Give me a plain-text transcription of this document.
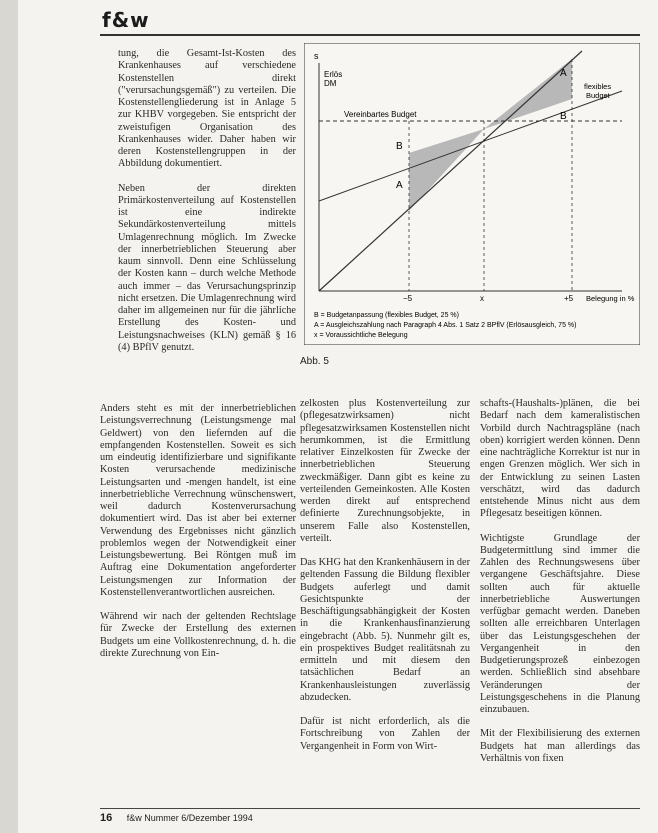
f&w

tung, die Gesamt-Ist-Kosten des Krankenhauses auf verschiedene Kostenstellen direkt ("verursachungsgemäß") zu verteilen. Die Kostenstellengliederung ist in Anlage 5 zur KHBV vorgegeben. Sie entspricht der zweistufigen Organisation des Krankenhauses wider. Daher haben wir deren Kostenstellengruppen in der Abbildung dokumentiert.

Neben der direkten Primärkostenverteilung auf Kostenstellen ist eine indirekte Sekundärkostenverteilung mittels Umlagenrechnung möglich. Im Zwecke der innerbetrieblichen Steuerung aber kaum sinnvoll. Denn eine Schlüsselung der Kosten kann – durch welche Methode auch immer – das Verursachungsprinzip nicht ersetzen. Die Umlagenrechnung wird daher im allgemeinen nur für die jährliche Erstellung des Kosten- und Leistungsnachweises (KLN) gemäß § 16 (4) BPflV genutzt.

s
Erlös
DM
Vereinbartes Budget
A
flexibles
Budget
B
B
A
−5	x	+5 Belegung in %
B = Budgetanpassung (flexibles Budget, 25 %)
A = Ausgleichszahlung nach Paragraph 4 Abs. 1 Satz 2 BPflV (Erlösausgleich, 75 %)
x = Voraussichtliche Belegung
Abb. 5

Anders steht es mit der innerbetrieblichen Leistungsverrechnung (Leistungsmenge mal Geldwert) von den liefernden auf die empfangenden Kostenstellen. Soweit es sich um eindeutig identifizierbare und signifikante Kosten verursachende medizinische Leistungsarten und -mengen handelt, ist eine innerbetriebliche Verrechnung wünschenswert, weil dadurch Kostenverursachung dokumentiert wird. Das ist aber bei externer Verwendung des Ergebnisses nicht gänzlich problemlos wegen der Notwendigkeit einer Leistungsbewertung. Bei Röntgen muß im Auftrag eine Dokumentation angeforderter Leistungsmengen zur Information der Kostenstellenverantwortlichen ausreichen.

Während wir nach der geltenden Rechtslage für Zwecke der Erstellung des externen Budgets um eine Vollkostenrechnung, d. h. die direkte Zurechnung von Ein-

zelkosten plus Kostenverteilung zur (pflegesatzwirksamen) nicht pflegesatzwirksamen Kostenstellen nicht herumkommen, ist die Ermittlung relativer Einzelkosten für Zwecke der innerbetrieblichen Steuerung zweckmäßiger. Dann gibt es keine zu verteilenden Gemeinkosten. Alle Kosten werden direkt auf entsprechend definierte Zurechnungsobjekte, in unserem Falle also Kostenstellen, verteilt.

Das KHG hat den Krankenhäusern in der geltenden Fassung die Bildung flexibler Budgets auferlegt und damit Gesichtspunkte der Beschäftigungsabhängigkeit der Kosten in die Krankenhausfinanzierung eingebracht (Abb. 5). Nunmehr gilt es, ein prospektives Budget realitätsnah zu ermitteln und mit diesem den tatsächlichen Bedarf an Krankenhausleistungen zuverlässig abzudecken.

Dafür ist nicht erforderlich, als die Fortschreibung von Zahlen der Vergangenheit in Form von Wirt-

schafts-(Haushalts-)plänen, die bei Bedarf nach dem kameralistischen Vorbild durch Nachtragspläne (nach oben) korrigiert werden können. Denn eine nachträgliche Korrektur ist nur in engen Grenzen möglich. Wer sich in der Entwicklung zu seinen Lasten verschätzt, wird das dadurch entstehende Minus nicht aus dem Pflegesatz beseitigen können.

Wichtigste Grundlage der Budgetermittlung sind immer die Zahlen des Rechnungswesens über vergangene Geschäftsjahre. Diese sollten auch für aktuelle innerbetriebliche Auswertungen verfügbar gemacht werden. Daneben sollten alle erreichbaren Unterlagen über das Leistungsgeschehen der Vergangenheit in den Budgetierungsprozeß einbezogen werden. Schließlich sind absehbare Veränderungen der Leistungsgeschehens in die Planung einzubauen.

Mit der Flexibilisierung des externen Budgets hat man allerdings das Verhältnis von fixen

16 f&w Nummer 6/Dezember 1994
